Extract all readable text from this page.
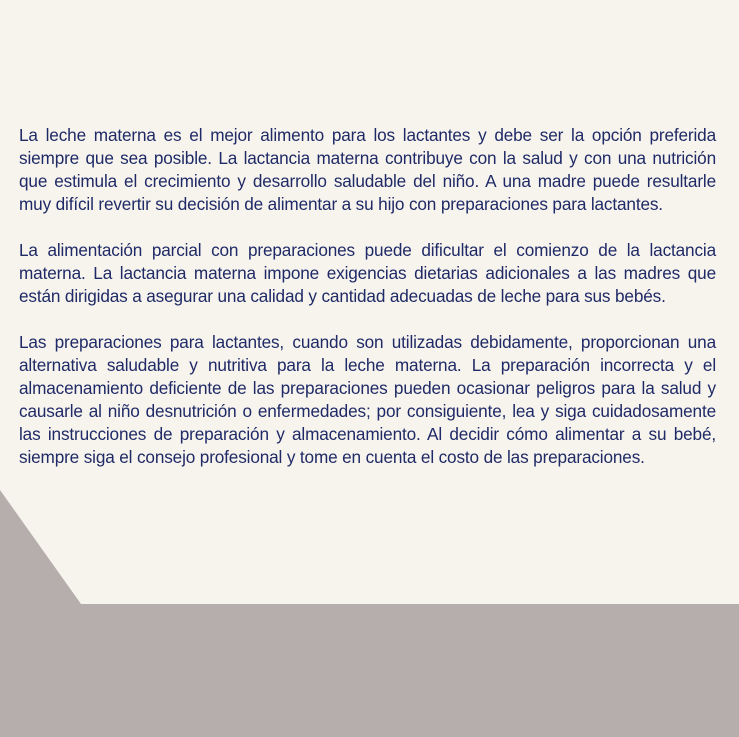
La leche materna es el mejor alimento para los lactantes y debe ser la opción preferida siempre que sea posible. La lactancia materna contribuye con la salud y con una nutrición que estimula el crecimiento y desarrollo saludable del niño. A una madre puede resultarle muy difícil revertir su decisión de alimentar a su hijo con preparaciones para lactantes.

La alimentación parcial con preparaciones puede dificultar el comienzo de la lactancia materna. La lactancia materna impone exigencias dietarias adicionales a las madres que están dirigidas a asegurar una calidad y cantidad adecuadas de leche para sus bebés.

Las preparaciones para lactantes, cuando son utilizadas debidamente, proporcionan una alternativa saludable y nutritiva para la leche materna. La preparación incorrecta y el almacenamiento deficiente de las preparaciones pueden ocasionar peligros para la salud y causarle al niño desnutrición o enfermedades; por consiguiente, lea y siga cuidadosamente las instrucciones de preparación y almacenamiento. Al decidir cómo alimentar a su bebé, siempre siga el consejo profesional y tome en cuenta el costo de las preparaciones.
